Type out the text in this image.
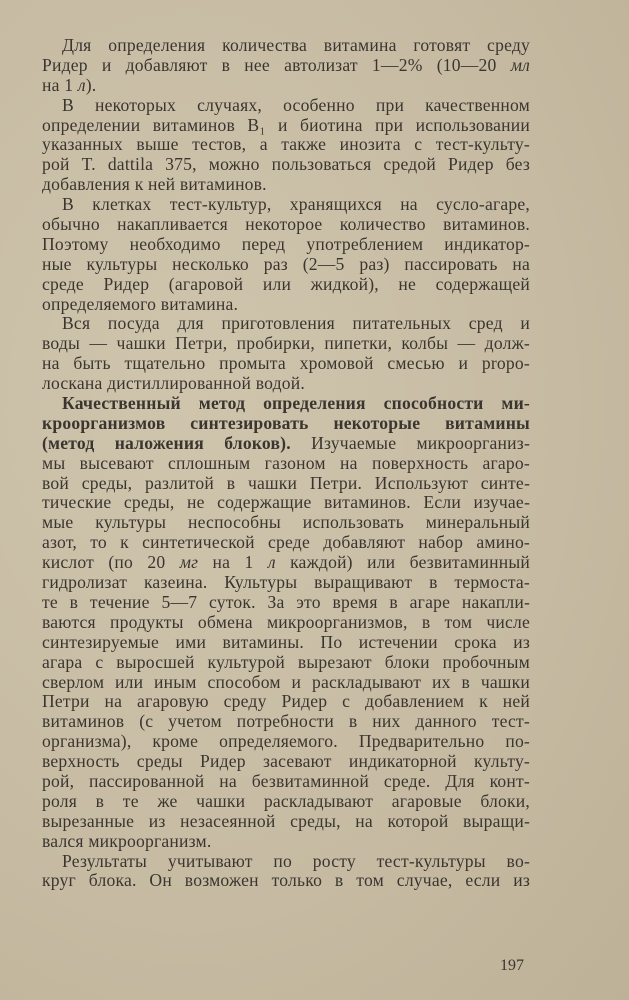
Для определения количества витамина готовят среду
Ридер и добавляют в нее автолизат 1—2% (10—20 мл
на 1 л).
В некоторых случаях, особенно при качественном
определении витаминов B₁ и биотина при использовании
указанных выше тестов, а также инозита с тест-культу-
рой T. dattila 375, можно пользоваться средой Ридер без
добавления к ней витаминов.
В клетках тест-культур, хранящихся на сусло-агаре,
обычно накапливается некоторое количество витаминов.
Поэтому необходимо перед употреблением индикатор-
ные культуры несколько раз (2—5 раз) пассировать на
среде Ридер (агаровой или жидкой), не содержащей
определяемого витамина.
Вся посуда для приготовления питательных сред и
воды — чашки Петри, пробирки, пипетки, колбы — долж-
на быть тщательно промыта хромовой смесью и propo-
лоскана дистиллированной водой.
Качественный метод определения способности ми-
кроорганизмов синтезировать некоторые витамины
(метод наложения блоков). Изучаемые микроорганиз-
мы высевают сплошным газоном на поверхность агаро-
вой среды, разлитой в чашки Петри. Используют синте-
тические среды, не содержащие витаминов. Если изучае-
мые культуры неспособны использовать минеральный
азот, то к синтетической среде добавляют набор амино-
кислот (по 20 мг на 1 л каждой) или безвитаминный
гидролизат казеина. Культуры выращивают в термоста-
те в течение 5—7 суток. За это время в агаре накапли-
ваются продукты обмена микроорганизмов, в том числе
синтезируемые ими витамины. По истечении срока из
агара с выросшей культурой вырезают блоки пробочным
сверлом или иным способом и раскладывают их в чашки
Петри на агаровую среду Ридер с добавлением к ней
витаминов (с учетом потребности в них данного тест-
организма), кроме определяемого. Предварительно по-
верхность среды Ридер засевают индикаторной культу-
рой, пассированной на безвитаминной среде. Для конт-
роля в те же чашки раскладывают агаровые блоки,
вырезанные из незасеянной среды, на которой выращи-
вался микроорганизм.
Результаты учитывают по росту тест-культуры во-
круг блока. Он возможен только в том случае, если из
197
